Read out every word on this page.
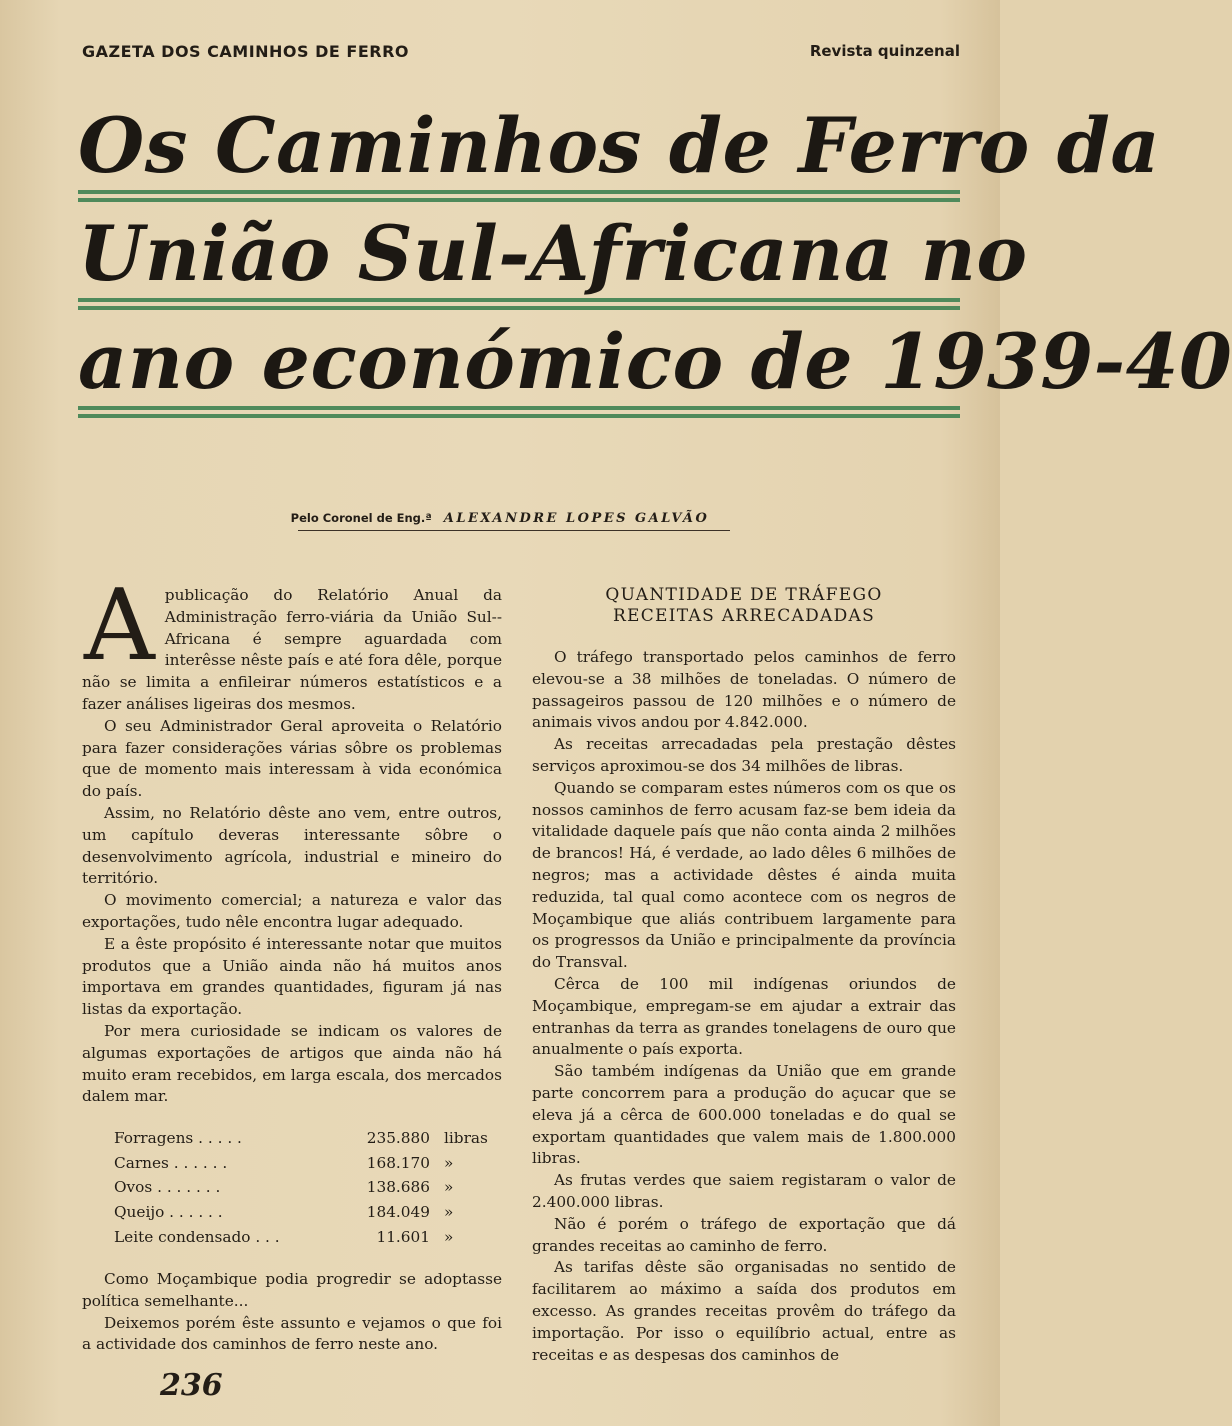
GAZETA DOS CAMINHOS DE FERRO	Revista quinzenal
Os Caminhos de Ferro da
União Sul-Africana no
ano económico de 1939-40
Pelo Coronel de Eng.ª ALEXANDRE LOPES GALVÃO

Apublicação do Relatório Anual da Administração ferro-viária da União Sul--Africana é sempre aguardada com interêsse nêste país e até fora dêle, porque não se limita a enfileirar números estatísticos e a fazer análises ligeiras dos mesmos.

O seu Administrador Geral aproveita o Relatório para fazer considerações várias sôbre os problemas que de momento mais interessam à vida económica do país.

Assim, no Relatório dêste ano vem, entre outros, um capítulo deveras interessante sôbre o desenvolvimento agrícola, industrial e mineiro do território.

O movimento comercial; a natureza e valor das exportações, tudo nêle encontra lugar adequado.

E a êste propósito é interessante notar que muitos produtos que a União ainda não há muitos anos importava em grandes quantidades, figuram já nas listas da exportação.

Por mera curiosidade se indicam os valores de algumas exportações de artigos que ainda não há muito eram recebidos, em larga escala, dos mercados dalem mar.

Forragens . . . . .	235.880	libras
Carnes . . . . . .	168.170	»
Ovos . . . . . . .	138.686	»
Queijo . . . . . .	184.049	»
Leite condensado . . .	11.601	»

Como Moçambique podia progredir se adoptasse política semelhante...

Deixemos porém êste assunto e vejamos o que foi a actividade dos caminhos de ferro neste ano.

QUANTIDADE DE TRÁFEGO
RECEITAS ARRECADADAS

O tráfego transportado pelos caminhos de ferro elevou-se a 38 milhões de toneladas. O número de passageiros passou de 120 milhões e o número de animais vivos andou por 4.842.000.

As receitas arrecadadas pela prestação dêstes serviços aproximou-se dos 34 milhões de libras.

Quando se comparam estes números com os que os nossos caminhos de ferro acusam faz-se bem ideia da vitalidade daquele país que não conta ainda 2 milhões de brancos! Há, é verdade, ao lado dêles 6 milhões de negros; mas a actividade dêstes é ainda muita reduzida, tal qual como acontece com os negros de Moçambique que aliás contribuem largamente para os progressos da União e principalmente da província do Transval.

Cêrca de 100 mil indígenas oriundos de Moçambique, empregam-se em ajudar a extrair das entranhas da terra as grandes tonelagens de ouro que anualmente o país exporta.

São também indígenas da União que em grande parte concorrem para a produção do açucar que se eleva já a cêrca de 600.000 toneladas e do qual se exportam quantidades que valem mais de 1.800.000 libras.

As frutas verdes que saiem registaram o valor de 2.400.000 libras.

Não é porém o tráfego de exportação que dá grandes receitas ao caminho de ferro.

As tarifas dêste são organisadas no sentido de facilitarem ao máximo a saída dos produtos em excesso. As grandes receitas provêm do tráfego da importação. Por isso o equilíbrio actual, entre as receitas e as despesas dos caminhos de

236
